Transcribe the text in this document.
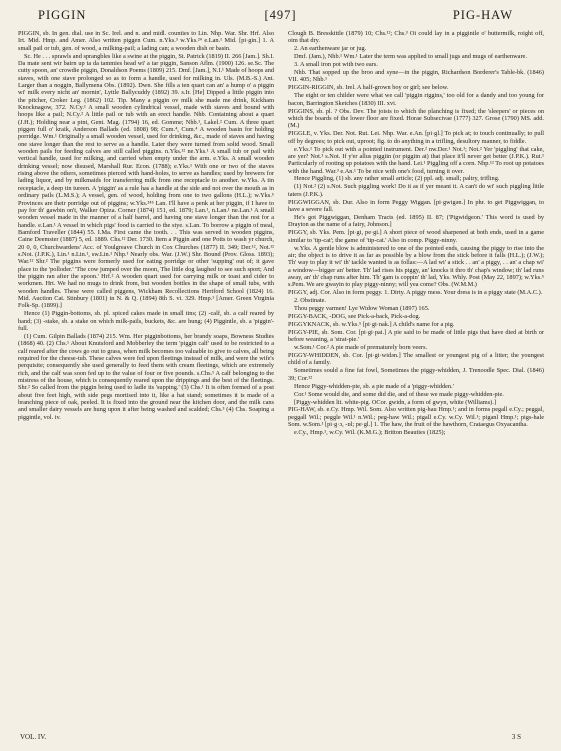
PIGGIN	[497]	PIG-HAW

PIGGIN, sb. In gen. dial. use in Sc. Irel. and n. and midl. counties to Lin. Nhp. War. Shr. Hrf. Also Irt. Mid. Hmp. and Amer. Also written piggen Cum. n.Yks.³ w.Yks.²⁴ e.Lan.¹ Mid. [pi·gin.] 1. A small pail or tub, gen. of wood, a milking-pail; a lading can; a wooden dish or basin.

Sc. He . . . sprawls and sprangbles like a swine at the piggin, St. Patrick (1819) II. 266 [Jam.]. Sh.I. Da mate sent wir bairn up ta da tammies head wi' a tar piggin, Sanson Aflm. (1900) 126. se.Sc. The cutty spoon, an' crowdie piggin, Donaldson Poems (1809) 215. Dmf. [Jam.], N.I.¹ Made of hoops and staves, with one stave prolonged so as to form a handle, used for milking in. Uls. (M.B.-S.) Ant. Larger than a noggin, Ballymena Obs. (1892). Dwn. She fills a ten quart can an' a hump o' a piggin wi' milk every nicht an' mornin', Lyttle Ballycuddy (1892) 39. s.Ir. [He] Dipped a little piggin into the pitcher, Croker Leg. (1862) 102. Tip. Many a piggin ov milk she made me drink, Kickham Knocknagow, 372. N.Cy.¹ A small wooden cylindrical vessel, made with staves and bound with hoops like a pail; N.Cy.² A little pail or tub with an erect handle. Nhb. Containing about a quart (J.H.); Holding near a pint, Gent. Mag. (1794) 16, ed. Gomme; Nhb.¹, Lakel.² Cum. A three quart piggen full o' kraik, Anderson Ballads (ed. 1808) 98; Cum.⁴, Cum.⁴ A wooden basin for holding porridge. Wm.¹ Originally a small wooden vessel, used for drinking, &c., made of staves and having one stave longer than the rest to serve as a handle. Later they were turned from solid wood. Small wooden pails for feeding calves are still called piggins. n.Yks.¹² ne.Yks.¹ A small tub or pail with vertical handle, used for milking, and carried when empty under the arm. e.Yks. A small wooden drinking vessel; now disused, Marshall Rur. Econ. (1788); e.Yks.¹ With one or two of the staves rising above the others, sometimes pierced with hand-holes, to serve as handles; used by brewers for lading liquor, and by milkmaids for transferring milk from one receptacle to another. w.Yks. A tin receptacle, a deep tin tureen. A 'piggin' as a rule has a handle at the side and not over the mouth as in ordinary pails (L.M.S.); A vessel, gen. of wood, holding from one to two gallons (H.L.); w.Yks.⁵ Provinces are their porridge out of piggins; w.Yks.²⁴⁵ Lan. I'll have a penk at her piggin, if I have to pay for th' gawbin on't, Walker Opiza. Corner (1874) 151, ed. 1879; Lan.¹, n.Lan.¹ ne.Lan.¹ A small wooden vessel made in the manner of a half barrel, and having one stave longer than the rest for a handle. e.Lan.¹ A vessel in which pigs' food is carried to the stye. s.Lan. To borrow a piggin of meal, Bamford Traveller (1844) 55. I.Ma. First came the tooth. . . This was served in wooden piggins, Caine Deemster (1887) 5, ed. 1889. Chs.¹² Der. 1730. Item a Piggin and one Potts to wash yr church, 20 0, 0, Churchwardens' Acc. of Youlgreave Church in Cox Churches (1877) II. 349; Der.¹², Not.¹² s.Not. (J.P.K.), Lin.¹ n.Lin.¹, sw.Lin.¹ Nhp.¹ Nearly obs. War. (J.W.) Shr. Bound (Prov. Gloss. 1893); War.¹² Shr.² The piggins were formerly used for eating porridge or other 'supping' out of; it gave place to the 'polloder.' 'The cow jumped over the moon, The little dog laughed to see such sport; And the piggin ran after the spoon.' Hrf.² A wooden quart used for carrying milk or toast and cider to workmen. Hrt. We had no mugs to drink from, but wooden bottles in the shape of small tubs, with wooden handles. These were called piggens, Wickham Recollections Hertford School (1824) 16. Mid. Auction Cat. Stinbury (1801) in N. & Q. (1894) 8th S. vi. 329. Hmp.¹ [Amer. Green Virginia Folk-Sp. (1899).]

Hence (1) Piggin-bottoms, sb. pl. spiced cakes made in small tins; (2) -calf, sb. a calf reared by hand; (3) -stake, sb. a stake on which milk-pails, buckets, &c. are hung; (4) Piggintle, sb. a 'piggin'-full.

(1) Cum. Gilpin Ballads (1874) 215. Wm. Her pigginbottoms, her brandy soaps, Bowness Studies (1868) 40. (2) Chs.¹ About Knutsford and Mobberley the term 'piggin calf' used to be restricted to a calf reared after the cows go out to grass, when milk becomes too valuable to give to calves, all being required for the cheese-tub. These calves were fed upon fleetings instead of milk, and were the wife's perquisite; consequently she used generally to feed them with cream fleetings, which are extremely rich, and the calf was soon fed up to the value of four or five pounds. s.Chs.¹ A calf belonging to the mistress of the house, which is consequently reared upon the drippings and the best of the fleetings. Shr.² So called from the piggin being used to ladle its 'supping.' (3) Chs.¹ It is often formed of a post about five feet high, with side pegs mortised into it, like a hat stand; sometimes it is made of a branching piece of oak, peeled. It is fixed into the ground near the kitchen door, and the milk cans and smaller dairy vessels are hung upon it after being washed and scalded; Chs.³ (4) Chs. Soaping a piggintle, vol. iv.

Clough B. Bresskittle (1879) 10; Chs.¹²; Chs.³ Oi could lay in a piggintle o' buttermilk, roight off, oim that dry.

2. An earthenware jar or jug.

Dmf. (Jam.), Nhb.¹ Wm.¹ Later the term was applied to small jugs and mugs of earthenware.

3. A small iron pot with two ears.

Nhb. That sopped up the broo and syne—in the piggin, Richardson Borderer's Table-bk. (1846) VII. 405; Nhb.¹

PIGGIN-RIGGIN, sb. Irel. A half-grown boy or girl; see below.

The eight or ten childer were what we call 'piggin riggins,' too old for a dandy and too young for bacon, Barrington Sketches (1830) III. xvi.

PIGGINS, sb. pl. ? Obs. Dev. The joists to which the planching is fixed; the 'sleepers' or pieces on which the boards of the lower floor are fixed. Horae Subsecivae (1777) 327. Grose (1790) MS. add. (M.)

PIGGLE, v. Yks. Der. Not. Rut. Lei. Nhp. War. e.An. [pi·gl.] To pick at; to touch continually; to pull off by degrees; to pick out, uproot; fig. to do anything in a trifling, desultory manner, to fiddle.

e.Yks.¹ To pick out with a pointed instrument. Der.² nw.Der.¹ Not.¹; Not.² Yer 'piggling' that cake, are yer? Not.³ s.Not. If y'er allus piggiin (or piggiin at) that place it'll never get better (J.P.K.). Rut.¹ Particularly of rooting up potatoes with the hand. Lei.¹ Piggling off a corn. Nhp.¹² To root up potatoes with the hand. War.³ e.An.¹ To be nice with one's food, turning it over.

Hence Piggling, (1) sb. any rather small article; (2) ppl. adj. small; paltry, trifling.

(1) Not.² (2) s.Not. Such piggling work! Do it as if yer meant it. A can't do wi' such piggling little taters (J.P.K.).

PIGGWIGGAN, sb. Dur. Also in form Peggy Wiggan. [pi·gwigən.] In phr. to get Piggwiggan, to have a severe fall.

He's got Piggwiggan, Denham Tracts (ed. 1895) II. 87; ('Pigwidgeon.' This word is used by Drayton as the name of a fairy, Johnson.]

PIGGY, sb. Yks. Pem. [pi·gi, pe·gi.] A short piece of wood sharpened at both ends, used in a game similar to 'tip-cat'; the game of 'tip-cat.' Also in comp. Piggy-ninny.

w.Yks. A gentle blow is administered to one of the pointed ends, causing the piggy to rise into the air; the object is to drive it as far as possible by a blow from the stick before it falls (H.L.); (J.W.); Th' way to play it wi' th' tackle wanted is as follas:—A lad wi' a stick . . an' a piggy, . . an' a chap wi' a window—bigger an' better. Th' lad rises his piggy, an' knocks it thro th' chap's window; th' lad runs away, an' th' chap runs after him. Th' gam is coppin' th' lad, Yks. Whly. Post (May 22, 1897); w.Yks.⁵ s.Pem. We are gwayin to play piggy-ninny; will yea come? Obs. (W.M.M.)

PIGGY, adj. Cor. Also in form peggy. 1. Dirty. A piggy mess. Your dress is in a piggy state (M.A.C.).

2. Obstinate.

Thou peggy varmen! Lye Widow Woman (1897) 165.

PIGGY-BACK, -DOG, see Pick-a-back, Pick-a-dog.

PIGGYKNACK, sb. w.Yks.⁵ [pi·gi·nak.] A child's name for a pig.

PIGGY-PIE, sb. Som. Cor. [pi·gi·pai.] A pie said to be made of little pigs that have died at birth or before weaning, a 'strat-pie.'

w.Som.¹ Cor.² A pie made of prematurely born veers.

PIGGY-WHIDDEN, sb. Cor. [pi·gi·widən.] The smallest or youngest pig of a litter; the youngest child of a family.

Sometimes sould a fine fat fowl, Sometimes the piggy-whidden, J. Trenoodle Spec. Dial. (1846) 39; Cor.¹²

Hence Piggy-whidden-pie, sb. a pie made of a 'piggy-whidden.'

Cor.¹ Some would die, and some did die, and of these we made piggy-whidden-pie.

[Piggy-whidden lit. white-pig. OCor. gwidn, a form of gwyn, white (Williams).]

PIG-HAW, sb. e.Cy. Hmp. Wil. Som. Also written pig-hau Hmp.¹; and in forms pegall e.Cy.; peggal, peggall Wil.; peggle Wil.¹ n.Wil.; peg-haw Wil.; pigall e.Cy. w.Cy. Wil.¹; piganl Hmp.¹; pigs-hale Som. w.Som.¹ [pi·g·ɔ, -ɒl; pe·gl.] 1. The haw, the fruit of the hawthorn, Crataegus Oxyacantha.

e.Cy., Hmp.¹, w.Cy. Wil. (K.M.G.); Britton Beauties (1825);

VOL. IV.	3 S
